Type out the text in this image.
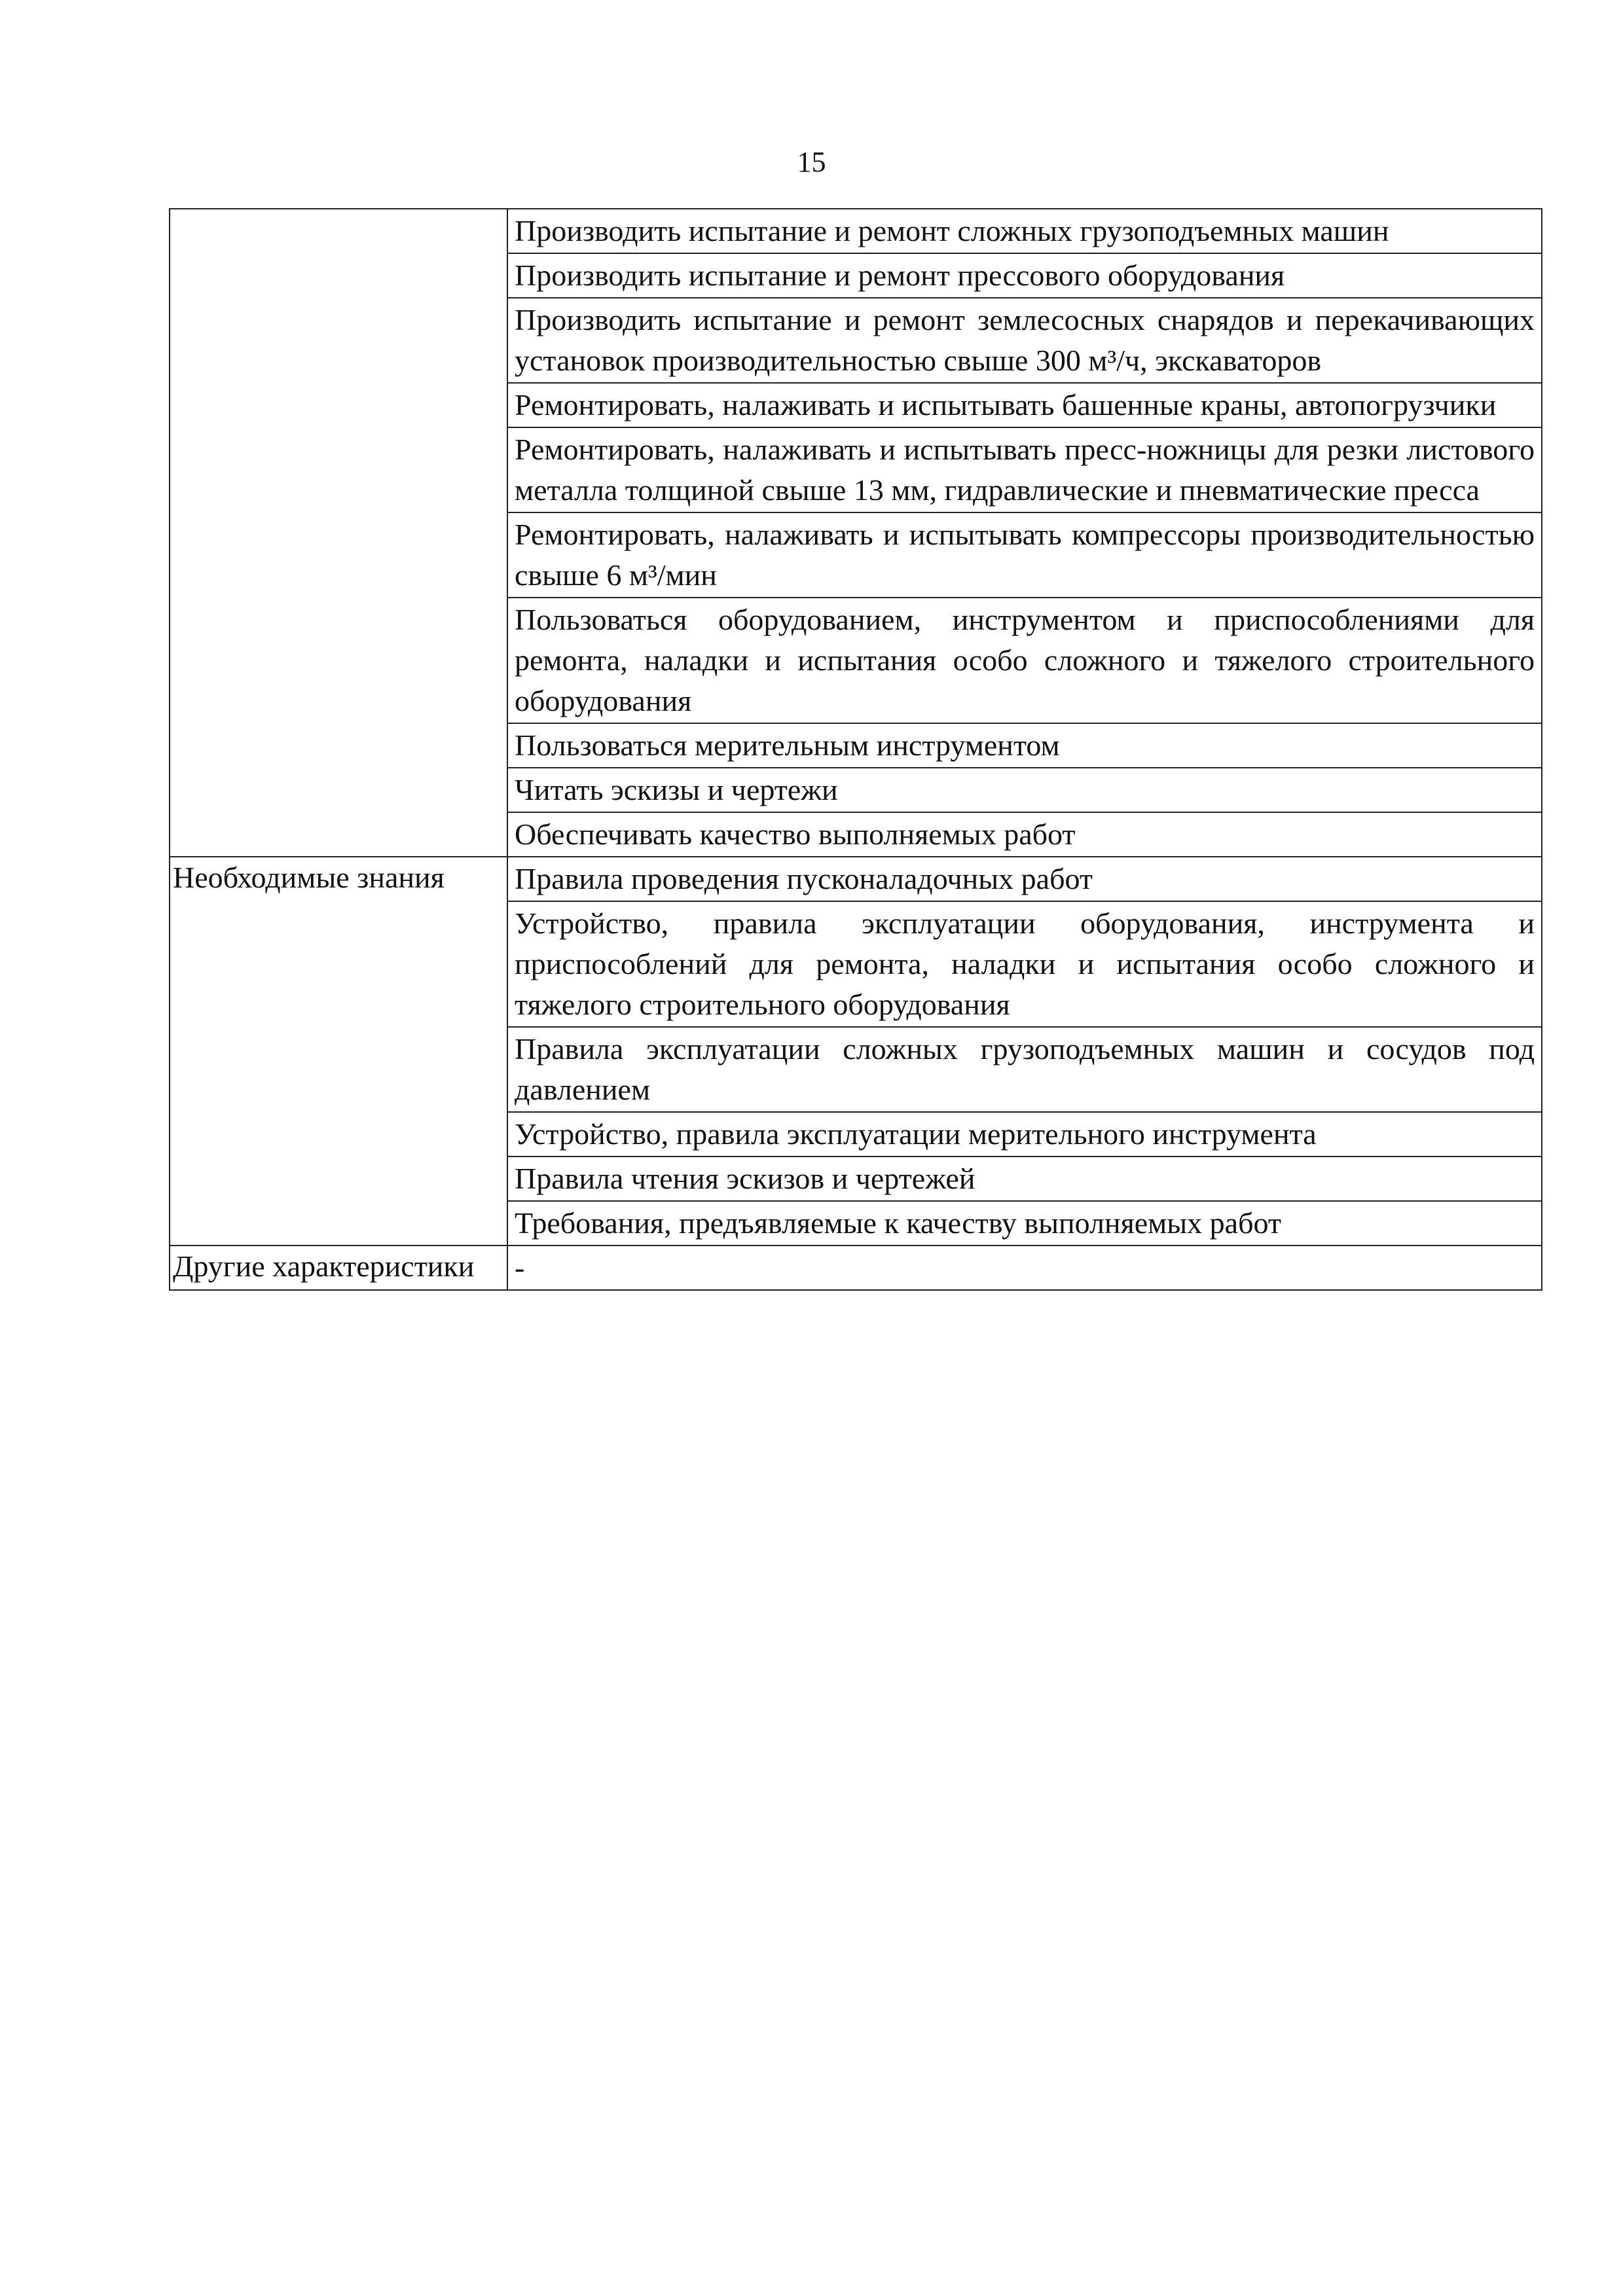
15
	Производить испытание и ремонт сложных грузоподъемных машин
	Производить испытание и ремонт прессового оборудования
	Производить испытание и ремонт землесосных снарядов и перекачивающих установок производительностью свыше 300 м³/ч, экскаваторов
	Ремонтировать, налаживать и испытывать башенные краны, автопогрузчики
	Ремонтировать, налаживать и испытывать пресс-ножницы для резки листового металла толщиной свыше 13 мм, гидравлические и пневматические пресса
	Ремонтировать, налаживать и испытывать компрессоры производительностью свыше 6 м³/мин
	Пользоваться оборудованием, инструментом и приспособлениями для ремонта, наладки и испытания особо сложного и тяжелого строительного оборудования
	Пользоваться мерительным инструментом
	Читать эскизы и чертежи
	Обеспечивать качество выполняемых работ
Необходимые знания	Правила проведения пусконаладочных работ
	Устройство, правила эксплуатации оборудования, инструмента и приспособлений для ремонта, наладки и испытания особо сложного и тяжелого строительного оборудования
	Правила эксплуатации сложных грузоподъемных машин и сосудов под давлением
	Устройство, правила эксплуатации мерительного инструмента
	Правила чтения эскизов и чертежей
	Требования, предъявляемые к качеству выполняемых работ
Другие характеристики	-
